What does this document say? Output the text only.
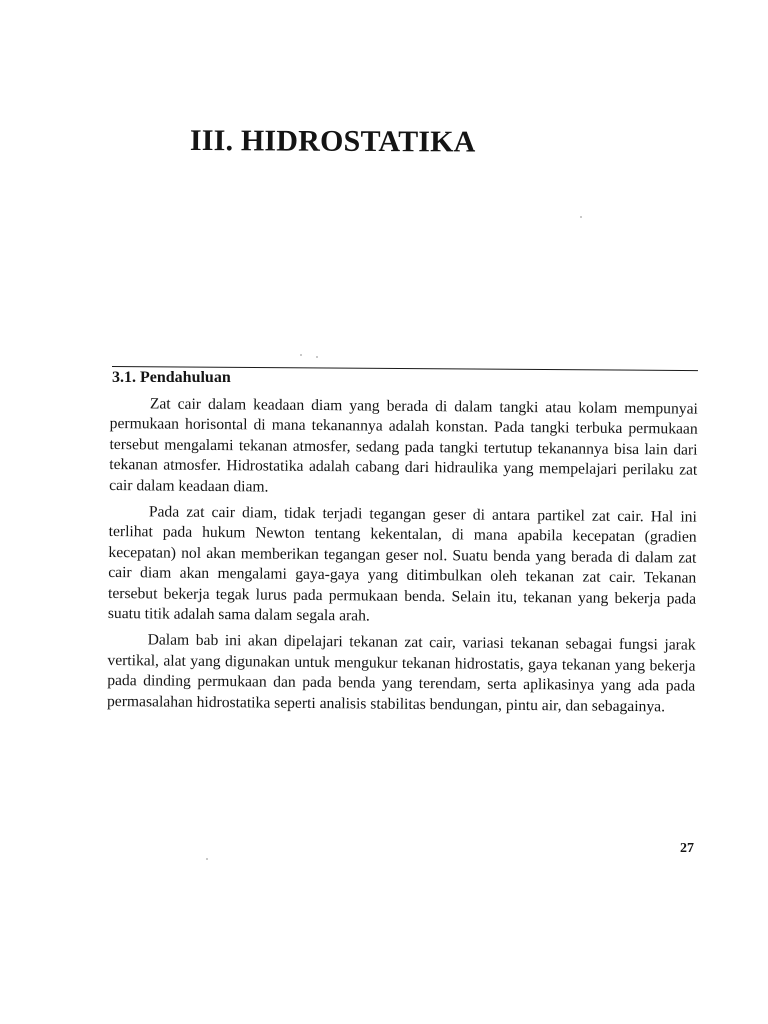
III. HIDROSTATIKA
3.1. Pendahuluan

Zat cair dalam keadaan diam yang berada di dalam tangki atau kolam mempunyai permukaan horisontal di mana tekanannya adalah konstan. Pada tangki terbuka permukaan tersebut mengalami tekanan atmosfer, sedang pada tangki tertutup tekanannya bisa lain dari tekanan atmosfer. Hidrostatika adalah cabang dari hidraulika yang mempelajari perilaku zat cair dalam keadaan diam.

Pada zat cair diam, tidak terjadi tegangan geser di antara partikel zat cair. Hal ini terlihat pada hukum Newton tentang kekentalan, di mana apabila kecepatan (gradien kecepatan) nol akan memberikan tegangan geser nol. Suatu benda yang berada di dalam zat cair diam akan mengalami gaya-gaya yang ditimbulkan oleh tekanan zat cair. Tekanan tersebut bekerja tegak lurus pada permukaan benda. Selain itu, tekanan yang bekerja pada suatu titik adalah sama dalam segala arah.

Dalam bab ini akan dipelajari tekanan zat cair, variasi tekanan sebagai fungsi jarak vertikal, alat yang digunakan untuk mengukur tekanan hidrostatis, gaya tekanan yang bekerja pada dinding permukaan dan pada benda yang terendam, serta aplikasinya yang ada pada permasalahan hidrostatika seperti analisis stabilitas bendungan, pintu air, dan sebagainya.

27
